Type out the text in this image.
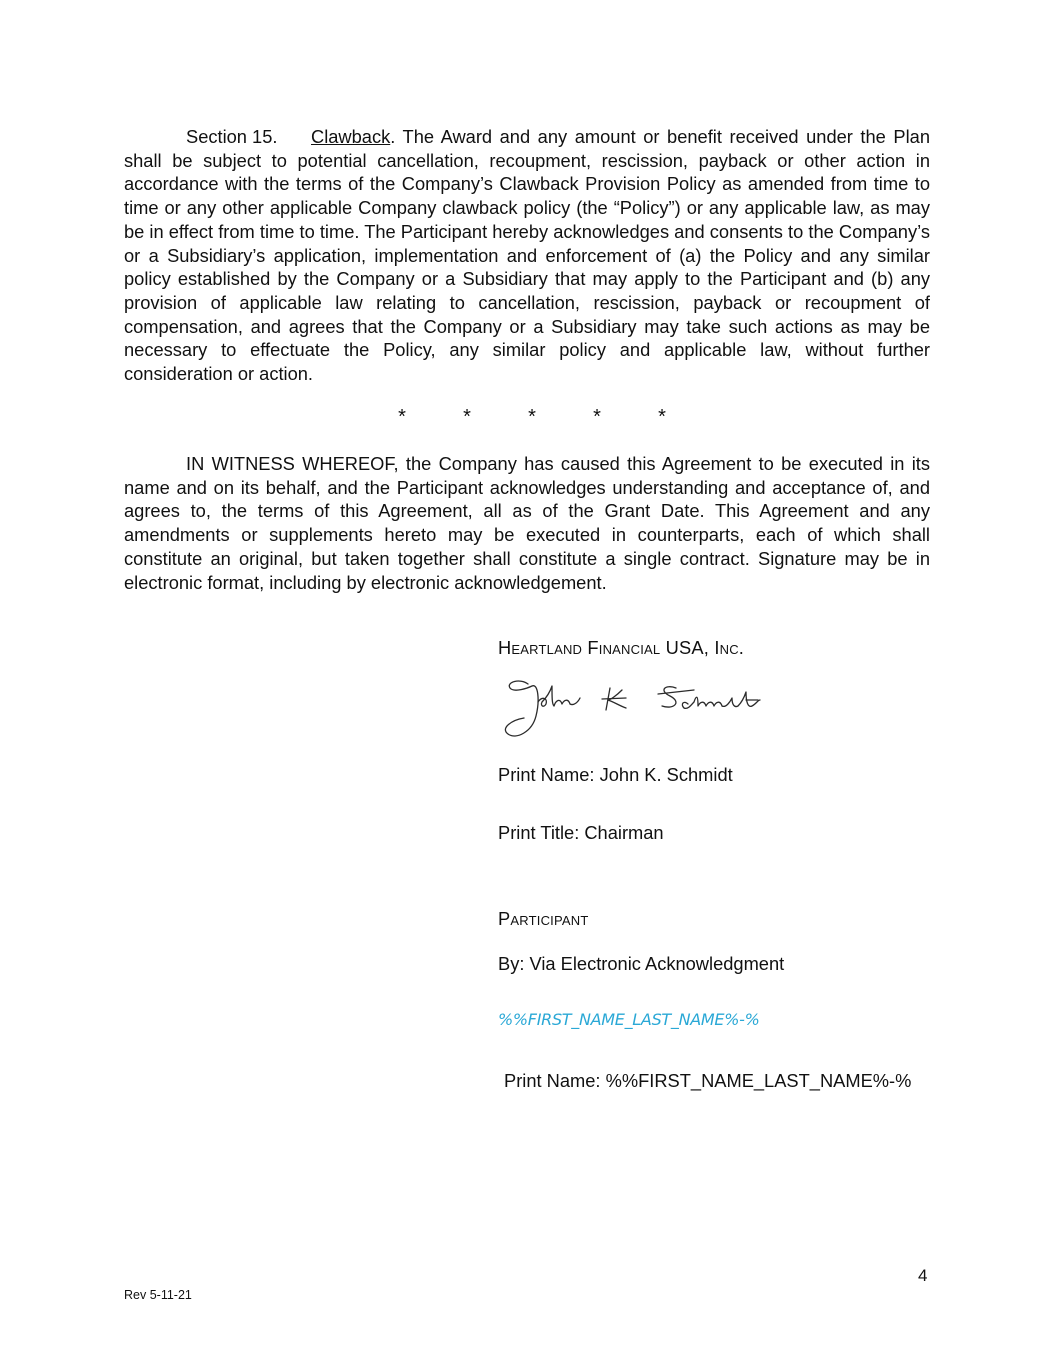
Section 15. Clawback. The Award and any amount or benefit received under the Plan shall be subject to potential cancellation, recoupment, rescission, payback or other action in accordance with the terms of the Company’s Clawback Provision Policy as amended from time to time or any other applicable Company clawback policy (the “Policy”) or any applicable law, as may be in effect from time to time. The Participant hereby acknowledges and consents to the Company’s or a Subsidiary’s application, implementation and enforcement of (a) the Policy and any similar policy established by the Company or a Subsidiary that may apply to the Participant and (b) any provision of applicable law relating to cancellation, rescission, payback or recoupment of compensation, and agrees that the Company or a Subsidiary may take such actions as may be necessary to effectuate the Policy, any similar policy and applicable law, without further consideration or action.

*	*	*	*	*

IN WITNESS WHEREOF, the Company has caused this Agreement to be executed in its name and on its behalf, and the Participant acknowledges understanding and acceptance of, and agrees to, the terms of this Agreement, all as of the Grant Date. This Agreement and any amendments or supplements hereto may be executed in counterparts, each of which shall constitute an original, but taken together shall constitute a single contract. Signature may be in electronic format, including by electronic acknowledgement.

Heartland Financial USA, Inc.
Print Name: John K. Schmidt
Print Title: Chairman
Participant
By: Via Electronic Acknowledgment
%%FIRST_NAME_LAST_NAME%-%
Print Name: %%FIRST_NAME_LAST_NAME%-%
4
Rev 5-11-21
